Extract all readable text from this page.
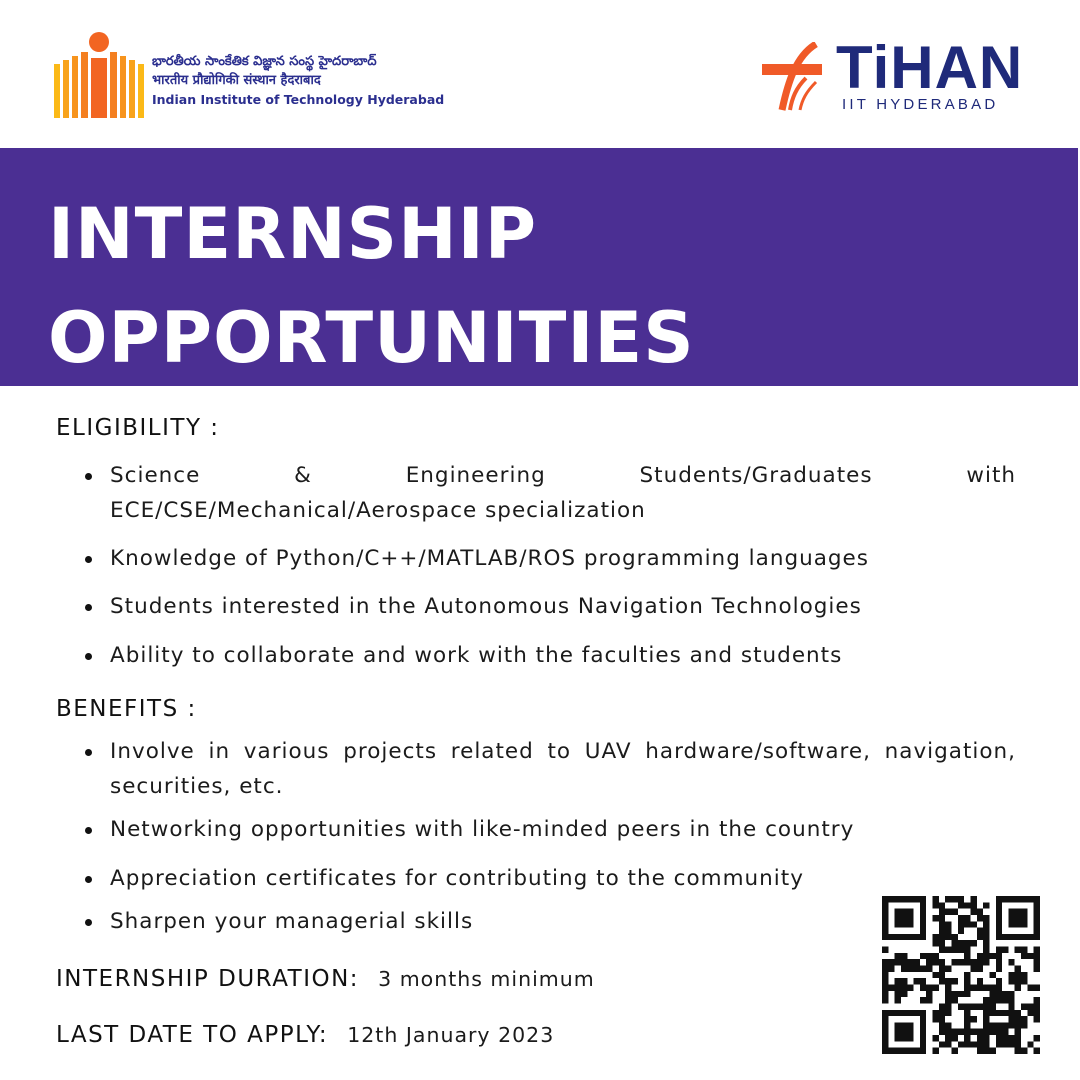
భారతీయ సాంకేతిక విజ్ఞాన సంస్థ హైదరాబాద్
भारतीय प्रौद्योगिकी संस्थान हैदराबाद
Indian Institute of Technology Hyderabad	TiHAN
IIT HYDERABAD
INTERNSHIP
OPPORTUNITIES
ELIGIBILITY :
Science & Engineering Students/Graduates with ECE/CSE/Mechanical/Aerospace specialization
Knowledge of Python/C++/MATLAB/ROS programming languages
Students interested in the Autonomous Navigation Technologies
Ability to collaborate and work with the faculties and students
BENEFITS :
Involve in various projects related to UAV hardware/software, navigation, securities, etc.
Networking opportunities with like-minded peers in the country
Appreciation certificates for contributing to the community
Sharpen your managerial skills
INTERNSHIP DURATION: 3 months minimum
LAST DATE TO APPLY: 12th January 2023
